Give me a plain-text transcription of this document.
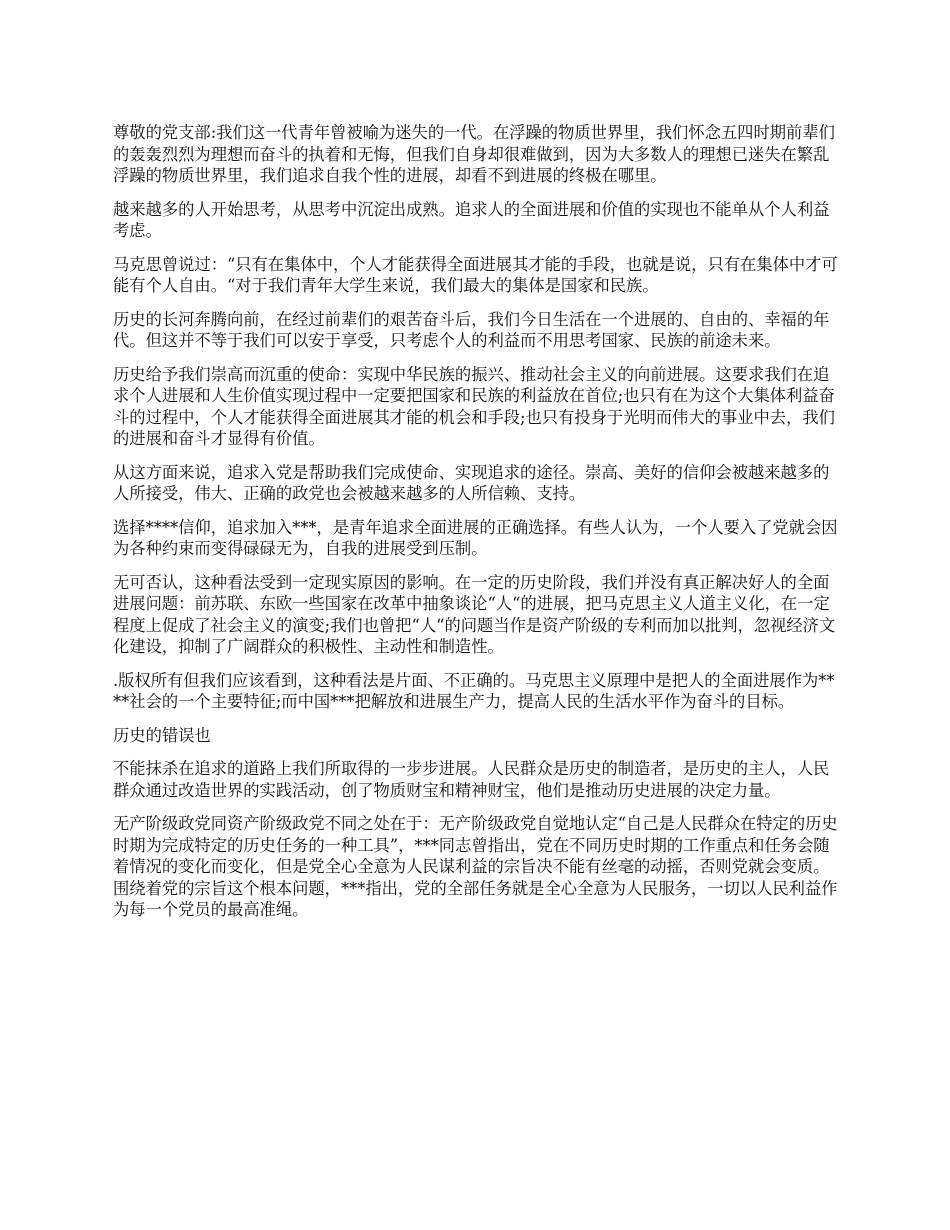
尊敬的党支部:我们这一代青年曾被喻为迷失的一代。在浮躁的物质世界里，我们怀念五四时期前辈们的轰轰烈烈为理想而奋斗的执着和无悔，但我们自身却很难做到，因为大多数人的理想已迷失在繁乱浮躁的物质世界里，我们追求自我个性的进展，却看不到进展的终极在哪里。

越来越多的人开始思考，从思考中沉淀出成熟。追求人的全面进展和价值的实现也不能单从个人利益考虑。

马克思曾说过：“只有在集体中，个人才能获得全面进展其才能的手段，也就是说，只有在集体中才可能有个人自由。“对于我们青年大学生来说，我们最大的集体是国家和民族。

历史的长河奔腾向前，在经过前辈们的艰苦奋斗后，我们今日生活在一个进展的、自由的、幸福的年代。但这并不等于我们可以安于享受，只考虑个人的利益而不用思考国家、民族的前途未来。

历史给予我们崇高而沉重的使命：实现中华民族的振兴、推动社会主义的向前进展。这要求我们在追求个人进展和人生价值实现过程中一定要把国家和民族的利益放在首位;也只有在为这个大集体利益奋斗的过程中，个人才能获得全面进展其才能的机会和手段;也只有投身于光明而伟大的事业中去，我们的进展和奋斗才显得有价值。

从这方面来说，追求入党是帮助我们完成使命、实现追求的途径。崇高、美好的信仰会被越来越多的人所接受，伟大、正确的政党也会被越来越多的人所信赖、支持。

选择****信仰，追求加入***，是青年追求全面进展的正确选择。有些人认为，一个人要入了党就会因为各种约束而变得碌碌无为，自我的进展受到压制。

无可否认，这种看法受到一定现实原因的影响。在一定的历史阶段，我们并没有真正解决好人的全面进展问题：前苏联、东欧一些国家在改革中抽象谈论“人“的进展，把马克思主义人道主义化，在一定程度上促成了社会主义的演变;我们也曾把“人“的问题当作是资产阶级的专利而加以批判，忽视经济文化建设，抑制了广阔群众的积极性、主动性和制造性。

.版权所有但我们应该看到，这种看法是片面、不正确的。马克思主义原理中是把人的全面进展作为****社会的一个主要特征;而中国***把解放和进展生产力，提高人民的生活水平作为奋斗的目标。

历史的错误也

不能抹杀在追求的道路上我们所取得的一步步进展。人民群众是历史的制造者，是历史的主人，人民群众通过改造世界的实践活动，创了物质财宝和精神财宝，他们是推动历史进展的决定力量。

无产阶级政党同资产阶级政党不同之处在于：无产阶级政党自觉地认定“自己是人民群众在特定的历史时期为完成特定的历史任务的一种工具”，***同志曾指出，党在不同历史时期的工作重点和任务会随着情况的变化而变化，但是党全心全意为人民谋利益的宗旨决不能有丝毫的动摇，否则党就会变质。围绕着党的宗旨这个根本问题，***指出，党的全部任务就是全心全意为人民服务，一切以人民利益作为每一个党员的最高准绳。
